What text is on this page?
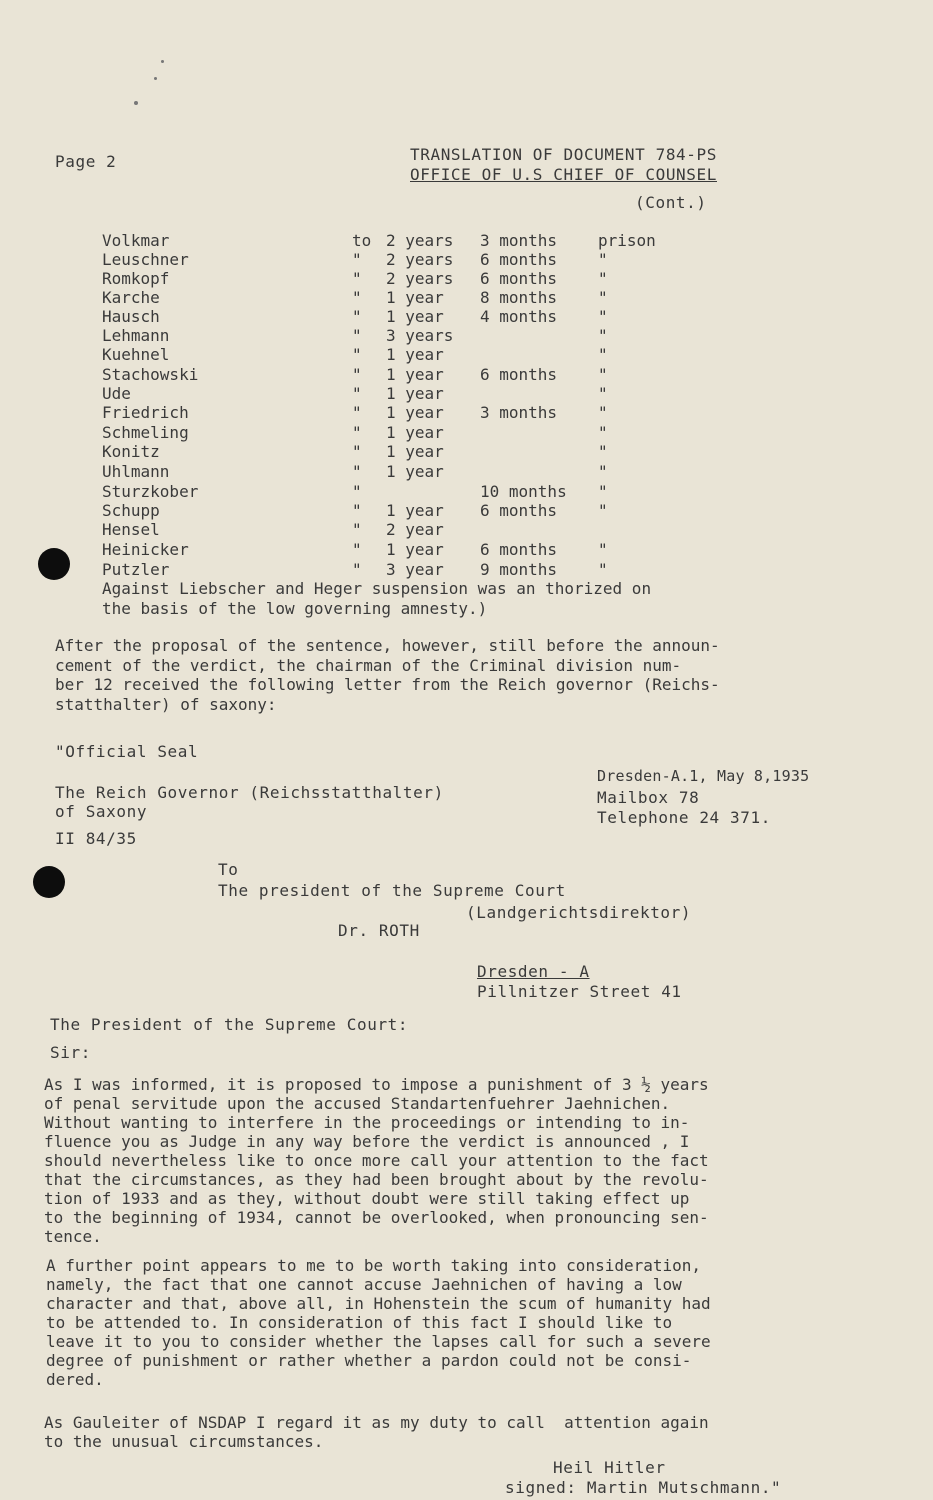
Page 2	TRANSLATION OF DOCUMENT 784-PS
OFFICE OF U.S CHIEF OF COUNSEL
(Cont.)
Volkmar	to 2 years 3 months	prison
Leuschner	" 2 years 6 months	"
Romkopf	" 2 years 6 months	"
Karche	" 1 year 8 months	"
Hausch	" 1 year 4 months	"
Lehmann	" 3 years	"
Kuehnel	" 1 year	"
Stachowski	" 1 year 6 months	"
Ude	" 1 year	"
Friedrich	" 1 year 3 months	"
Schmeling	" 1 year	"
Konitz	" 1 year	"
Uhlmann	" 1 year	"
Sturzkober	"	10 months "
Schupp	" 1 year 6 months	"
Hensel	" 2 year
Heinicker	" 1 year 6 months	"
Putzler	" 3 year 9 months	"
Against Liebscher and Heger suspension was an thorized on
the basis of the low governing amnesty.)
After the proposal of the sentence, however, still before the announ-
cement of the verdict, the chairman of the Criminal division num-
ber 12 received the following letter from the Reich governor (Reichs-
statthalter) of saxony:
"Official Seal
The Reich Governor (Reichsstatthalter)
of Saxony
II 84/35
Dresden-A.1, May 8,1935
Mailbox 78
Telephone 24 371.
To
The president of the Supreme Court
(Landgerichtsdirektor)
Dr. ROTH
Dresden - A
Pillnitzer Street 41
The President of the Supreme Court:
Sir:
As I was informed, it is proposed to impose a punishment of 3 ½ years
of penal servitude upon the accused Standartenfuehrer Jaehnichen.
Without wanting to interfere in the proceedings or intending to in-
fluence you as Judge in any way before the verdict is announced , I
should nevertheless like to once more call your attention to the fact
that the circumstances, as they had been brought about by the revolu-
tion of 1933 and as they, without doubt were still taking effect up
to the beginning of 1934, cannot be overlooked, when pronouncing sen-
tence.
A further point appears to me to be worth taking into consideration,
namely, the fact that one cannot accuse Jaehnichen of having a low
character and that, above all, in Hohenstein the scum of humanity had
to be attended to. In consideration of this fact I should like to
leave it to you to consider whether the lapses call for such a severe
degree of punishment or rather whether a pardon could not be consi-
dered.
As Gauleiter of NSDAP I regard it as my duty to call  attention again
to the unusual circumstances.
Heil Hitler
signed: Martin Mutschmann."
